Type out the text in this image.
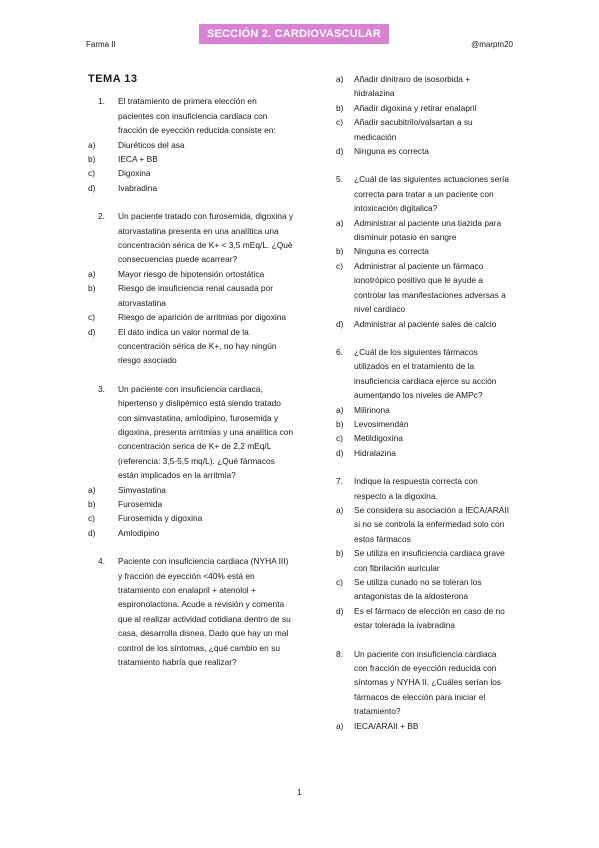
SECCIÓN 2. CARDIOVASCULAR
Farma II	@marpm20
TEMA 13
1.	El tratamiento de primera elección en pacientes con insuficiencia cardiaca con fracción de eyección reducida consiste en:
a)	Diuréticos del asa
b)	IECA + BB
c)	Digoxina
d)	Ivabradina
2.	Un paciente tratado con furosemida, digoxina y atorvastatina presenta en una analítica una concentración sérica de K+ < 3,5 mEq/L. ¿Qué consecuencias puede acarrear?
a)	Mayor riesgo de hipotensión ortostática
b)	Riesgo de insuficiencia renal causada por atorvastatina
c)	Riesgo de aparición de arritmias por digoxina
d)	El dato indica un valor normal de la concentración sérica de K+, no hay ningún riesgo asociado
3.	Un paciente con insuficiencia cardiaca, hipertenso y dislipémico está siendo tratado con simvastatina, amlodipino, furosemida y digoxina, presenta arritmias y una analítica con concentración serica de K+ de 2,2 mEq/L (referencia: 3,5-5,5 mq/L). ¿Qué fármacos están implicados en la arritmia?
a)	Simvastatina
b)	Furosemida
c)	Furosemida y digoxina
d)	Amlodipino
4.	Paciente con insuficiencia cardiaca (NYHA III) y fracción de eyección <40% está en tratamiento con enalapril + atenolol + espironolactona. Acude a revisión y comenta que al realizar actividad cotidiana dentro de su casa, desarrolla disnea. Dado que hay un mal control de los síntomas, ¿qué cambio en su tratamiento habría que realizar?
a)	Añadir dinitraro de isosorbida + hidralazina
b)	Añadir digoxina y retirar enalapril
c)	Añadir sacubitrilo/valsartan a su medicación
d)	Ninguna es correcta
5.	¿Cuál de las siguientes actuaciones sería correcta para tratar a un paciente con intoxicación digitalica?
a)	Administrar al paciente una tiazida para disminuir potasio en sangre
b)	Ninguna es correcta
c)	Administrar al paciente un fármaco ionotrópico positivo que le ayude a controlar las manifestaciones adversas a nivel cardiaco
d)	Administrar al paciente sales de calcio
6.	¿Cuál de los siguientes fármacos utilizados en el tratamiento de la insuficiencia cardiaca ejerce su acción aumentando los niveles de AMPc?
a)	Milirinona
b)	Levosimendán
c)	Metildigoxina
d)	Hidralazina
7.	Indique la respuesta correcta con respecto a la digoxina.
a)	Se considera su asociación a IECA/ARAII si no se controla la enfermedad solo con estos fármacos
b)	Se utiliza en insuficiencia cardiaca grave con fibrilación auricular
c)	Se utiliza cunado no se toleran los antagonistas de la aldosterona
d)	Es el fármaco de elección en caso de no estar tolerada la ivabradina
8.	Un paciente con insuficiencia cardiaca con fracción de eyección reducida con síntomas y NYHA II. ¿Cuáles serían los fármacos de elección para iniciar el tratamiento?
a)	IECA/ARAII + BB
1
